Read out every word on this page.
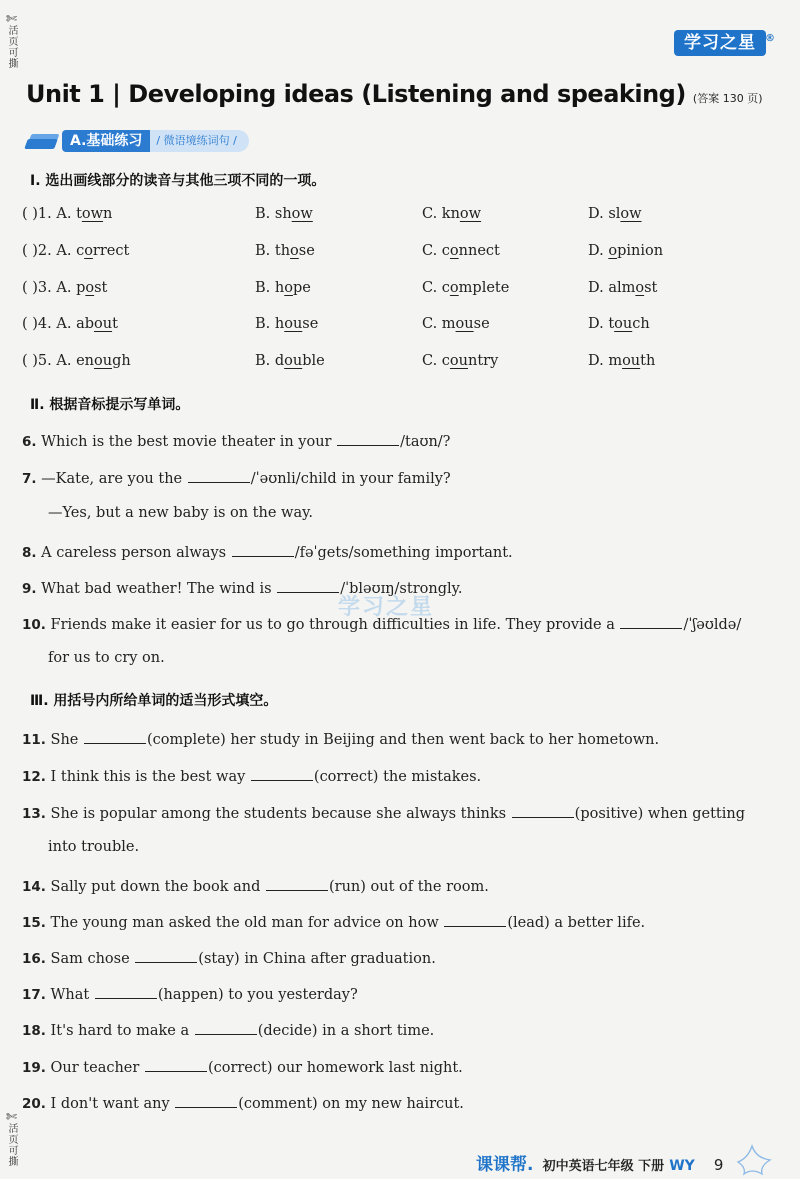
✄
活页可撕
✄
活页可撕
学习之星 ®
Unit 1 | Developing ideas (Listening and speaking) (答案 130 页)
A.基础练习	/ 微语境练词句 /
Ⅰ. 选出画线部分的读音与其他三项不同的一项。
( )1. A. town	B. show	C. know	D. slow
( )2. A. correct	B. those	C. connect	D. opinion
( )3. A. post	B. hope	C. complete	D. almost
( )4. A. about	B. house	C. mouse	D. touch
( )5. A. enough	B. double	C. country	D. mouth
Ⅱ. 根据音标提示写单词。
6. Which is the best movie theater in your	/taʊn/?
7. —Kate, are you the	/ˈəʊnli/child in your family?
—Yes, but a new baby is on the way.
8. A careless person always	/fəˈgets/something important.
9. What bad weather! The wind is	/ˈbləʊɪŋ/strongly.
10. Friends make it easier for us to go through difficulties in life. They provide a	/ˈʃəʊldə/
for us to cry on.
Ⅲ. 用括号内所给单词的适当形式填空。
11. She	(complete) her study in Beijing and then went back to her hometown.
12. I think this is the best way	(correct) the mistakes.
13. She is popular among the students because she always thinks	(positive) when getting
into trouble.
14. Sally put down the book and	(run) out of the room.
15. The young man asked the old man for advice on how	(lead) a better life.
16. Sam chose	(stay) in China after graduation.
17. What	(happen) to you yesterday?
18. It's hard to make a	(decide) in a short time.
19. Our teacher	(correct) our homework last night.
20. I don't want any	(comment) on my new haircut.
学习之星
课课帮. 初中英语七年级 下册 WY 9
